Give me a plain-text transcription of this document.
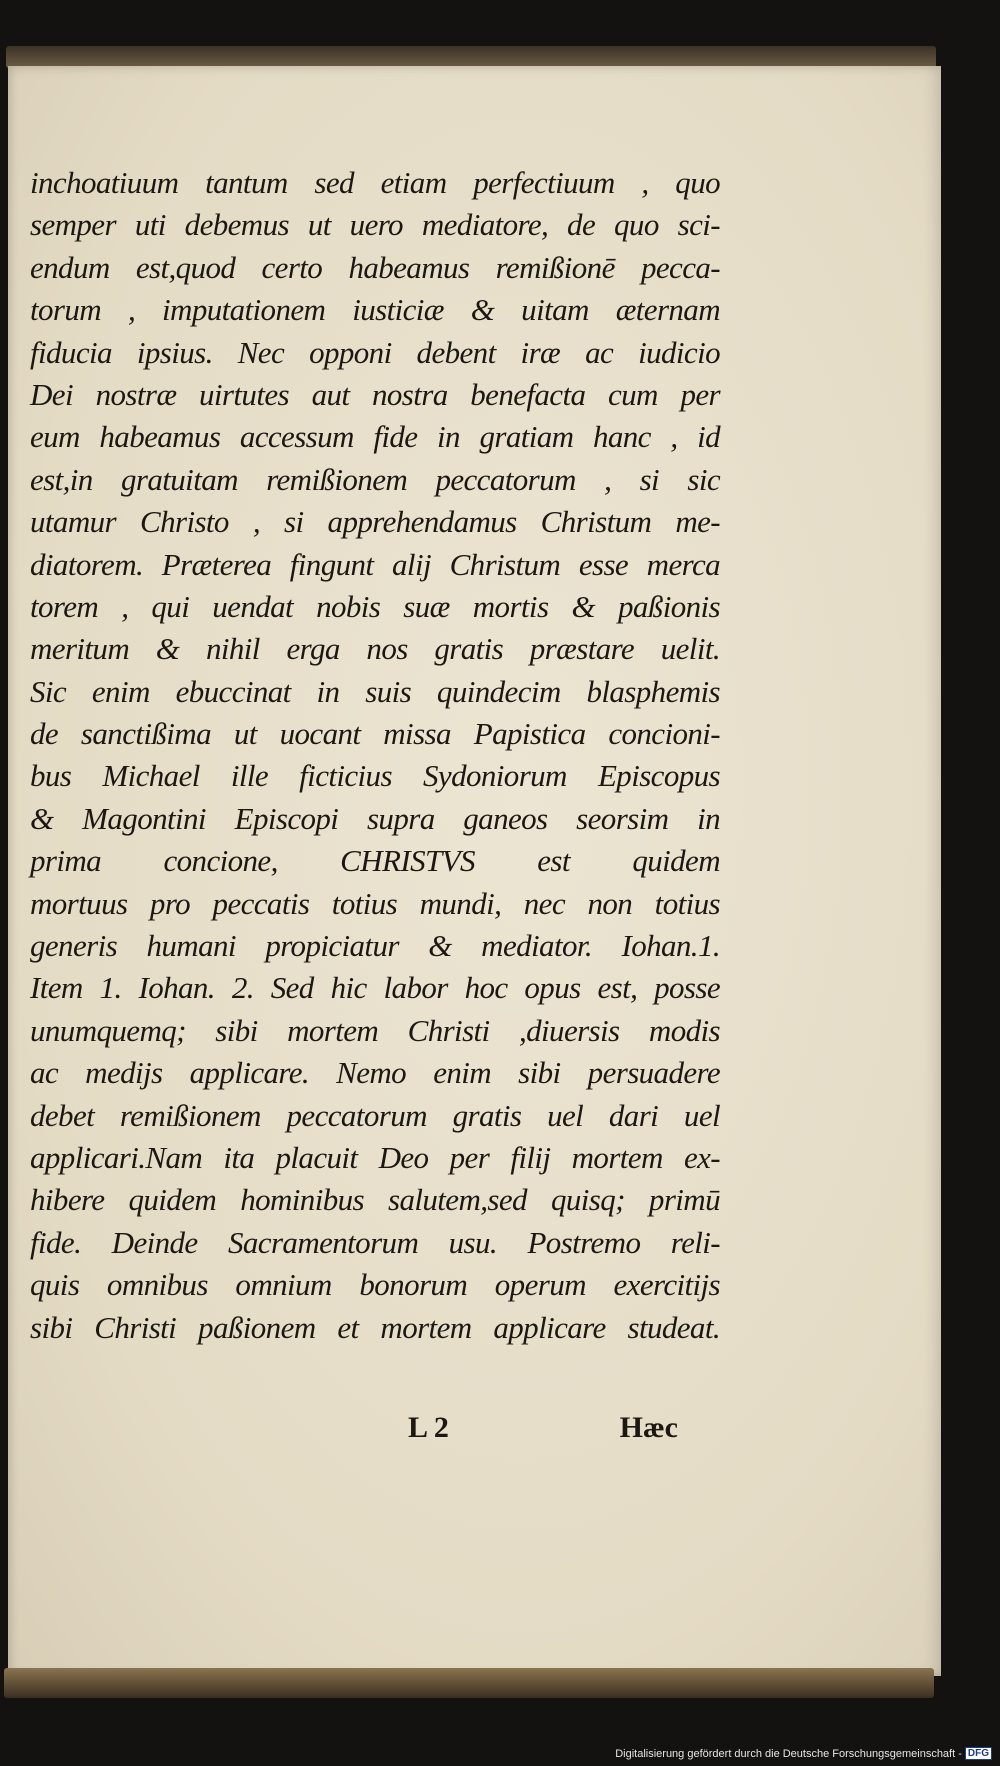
inchoatiuum tantum sed etiam perfectiuum , quo
semper uti debemus ut uero mediatore, de quo sci-
endum est,quod certo habeamus remißionē pecca-
torum , imputationem iusticiæ & uitam æternam
fiducia ipsius. Nec opponi debent iræ ac iudicio
Dei nostræ uirtutes aut nostra benefacta cum per
eum habeamus accessum fide in gratiam hanc , id
est,in gratuitam remißionem peccatorum , si sic
utamur Christo , si apprehendamus Christum me-
diatorem. Præterea fingunt alij Christum esse merca
torem , qui uendat nobis suæ mortis & paßionis
meritum & nihil erga nos gratis præstare uelit.
Sic enim ebuccinat in suis quindecim blasphemis
de sanctißima ut uocant missa Papistica concioni-
bus Michael ille ficticius Sydoniorum Episcopus
& Magontini Episcopi supra ganeos seorsim in
prima concione, CHRISTVS est quidem
mortuus pro peccatis totius mundi, nec non totius
generis humani propiciatur & mediator. Iohan.1.
Item 1. Iohan. 2. Sed hic labor hoc opus est, posse
unumquemq; sibi mortem Christi ,diuersis modis
ac medijs applicare. Nemo enim sibi persuadere
debet remißionem peccatorum gratis uel dari uel
applicari.Nam ita placuit Deo per filij mortem ex-
hibere quidem hominibus salutem,sed quisq; primū
fide. Deinde Sacramentorum usu. Postremo reli-
quis omnibus omnium bonorum operum exercitijs
sibi Christi paßionem et mortem applicare studeat.
L 2	Hæc
Digitalisierung gefördert durch die Deutsche Forschungsgemeinschaft - DFG
